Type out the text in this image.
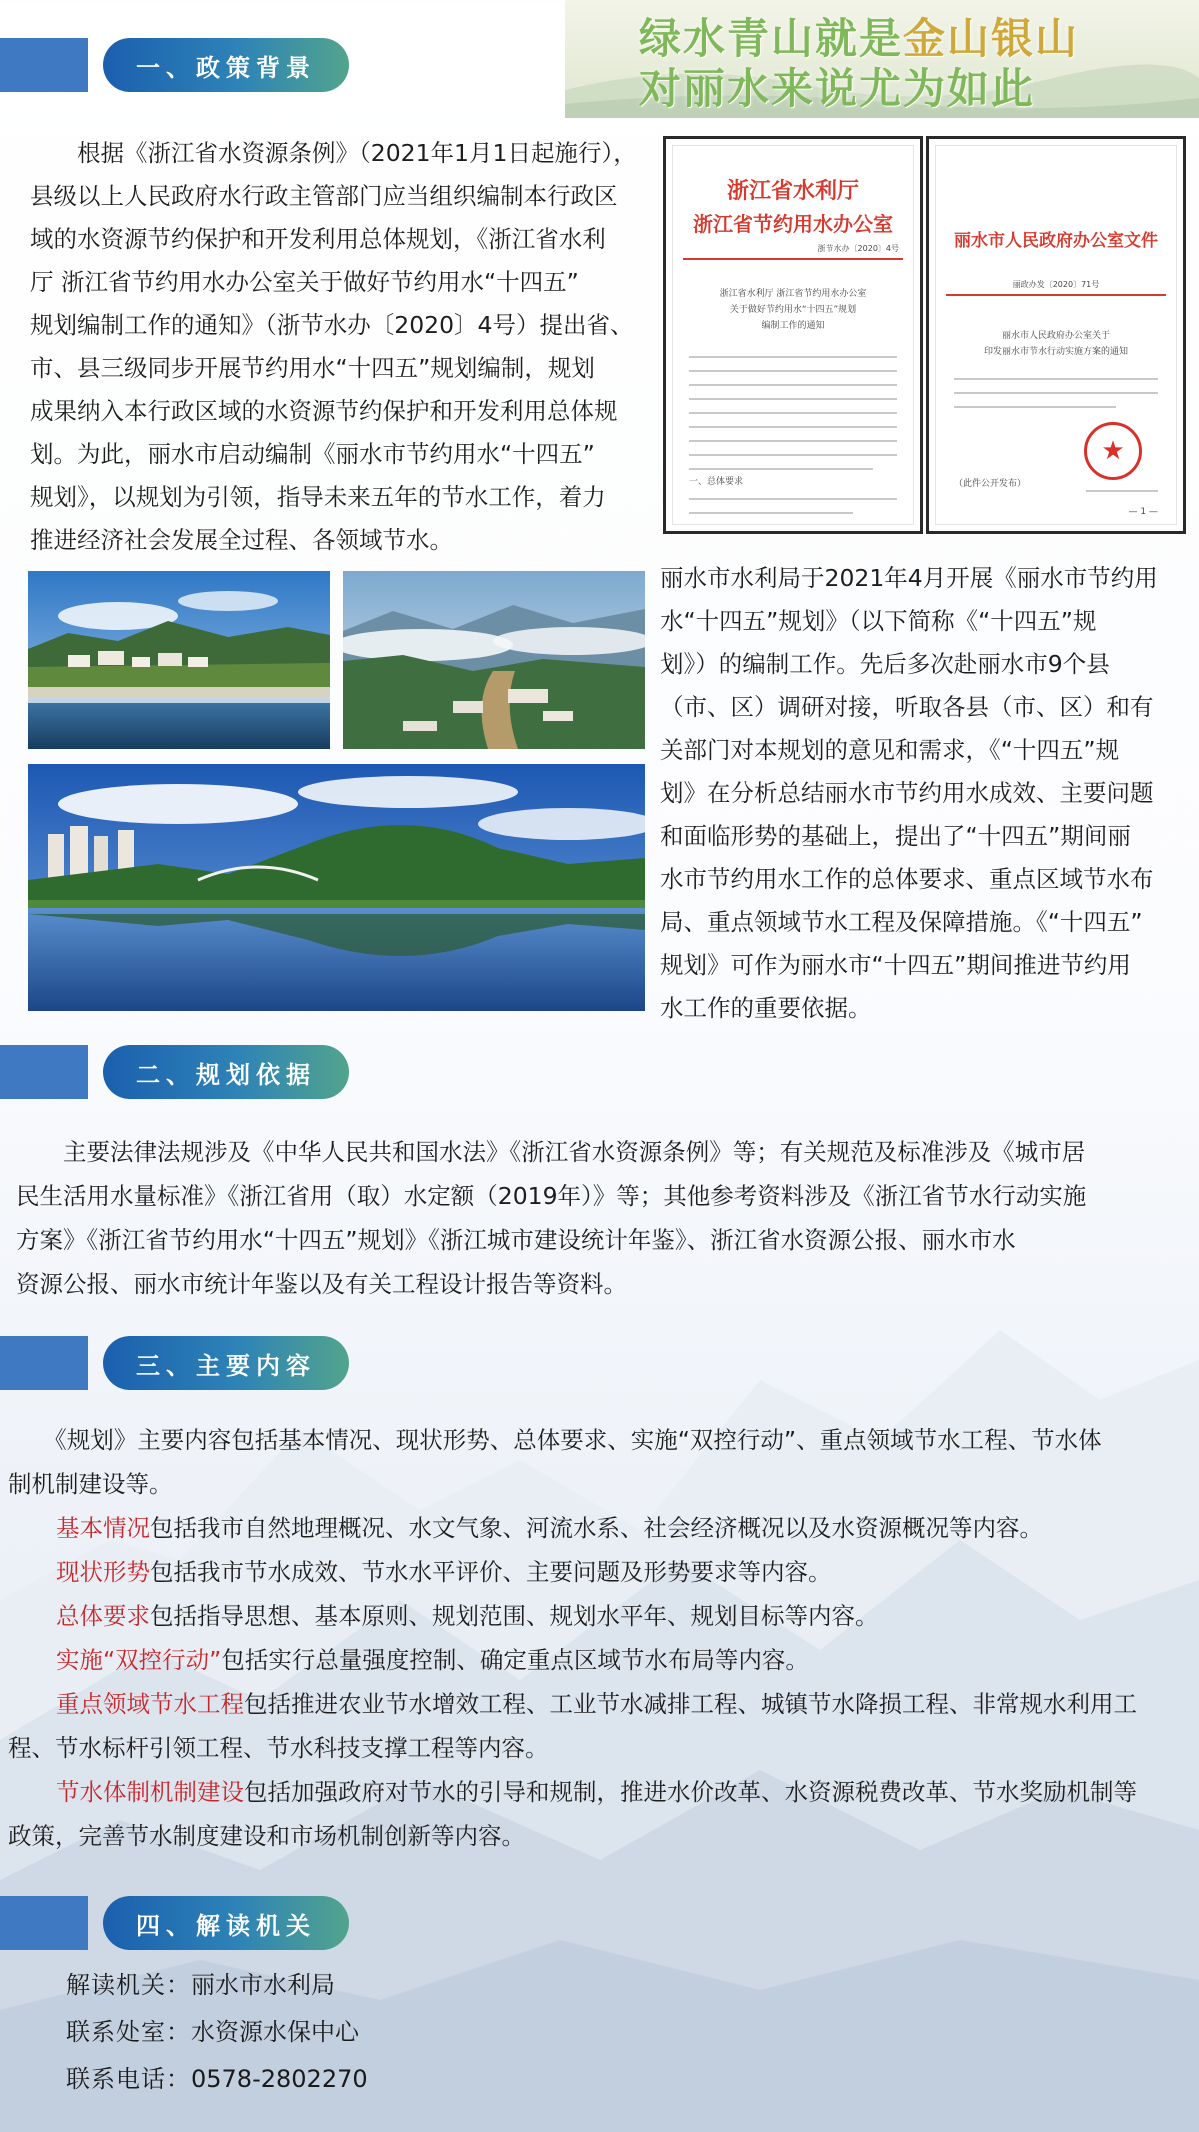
一、政策背景
绿水青山就是金山银山
对丽水来说尤为如此
　　根据《浙江省水资源条例》（2021年1月1日起施行），
县级以上人民政府水行政主管部门应当组织编制本行政区
域的水资源节约保护和开发利用总体规划，《浙江省水利
厅 浙江省节约用水办公室关于做好节约用水“十四五”
规划编制工作的通知》（浙节水办〔2020〕4号）提出省、
市、县三级同步开展节约用水“十四五”规划编制，规划
成果纳入本行政区域的水资源节约保护和开发利用总体规
划。为此，丽水市启动编制《丽水市节约用水“十四五”
规划》，以规划为引领，指导未来五年的节水工作，着力
推进经济社会发展全过程、各领域节水。
浙江省水利厅
浙江省节约用水办公室
浙节水办〔2020〕4号
浙江省水利厅 浙江省节约用水办公室
关于做好节约用水“十四五”规划
编制工作的通知
一、总体要求
丽水市人民政府办公室文件
丽政办发〔2020〕71号
丽水市人民政府办公室关于
印发丽水市节水行动实施方案的通知
★
（此件公开发布）
— 1 —
丽水市水利局于2021年4月开展《丽水市节约用
水“十四五”规划》（以下简称《“十四五”规
划》）的编制工作。先后多次赴丽水市9个县
（市、区）调研对接，听取各县（市、区）和有
关部门对本规划的意见和需求，《“十四五”规
划》在分析总结丽水市节约用水成效、主要问题
和面临形势的基础上，提出了“十四五”期间丽
水市节约用水工作的总体要求、重点区域节水布
局、重点领域节水工程及保障措施。《“十四五”
规划》可作为丽水市“十四五”期间推进节约用
水工作的重要依据。
二、规划依据
　　主要法律法规涉及《中华人民共和国水法》《浙江省水资源条例》等；有关规范及标准涉及《城市居
民生活用水量标准》《浙江省用（取）水定额（2019年）》等；其他参考资料涉及《浙江省节水行动实施
方案》《浙江省节约用水“十四五”规划》《浙江城市建设统计年鉴》、浙江省水资源公报、丽水市水
资源公报、丽水市统计年鉴以及有关工程设计报告等资料。
三、主要内容
　　《规划》主要内容包括基本情况、现状形势、总体要求、实施“双控行动”、重点领域节水工程、节水体
制机制建设等。
基本情况包括我市自然地理概况、水文气象、河流水系、社会经济概况以及水资源概况等内容。
现状形势包括我市节水成效、节水水平评价、主要问题及形势要求等内容。
总体要求包括指导思想、基本原则、规划范围、规划水平年、规划目标等内容。
实施“双控行动”包括实行总量强度控制、确定重点区域节水布局等内容。
重点领域节水工程包括推进农业节水增效工程、工业节水减排工程、城镇节水降损工程、非常规水利用工
程、节水标杆引领工程、节水科技支撑工程等内容。
节水体制机制建设包括加强政府对节水的引导和规制，推进水价改革、水资源税费改革、节水奖励机制等
政策，完善节水制度建设和市场机制创新等内容。
四、解读机关
解读机关：丽水市水利局
联系处室：水资源水保中心
联系电话：0578-2802270
